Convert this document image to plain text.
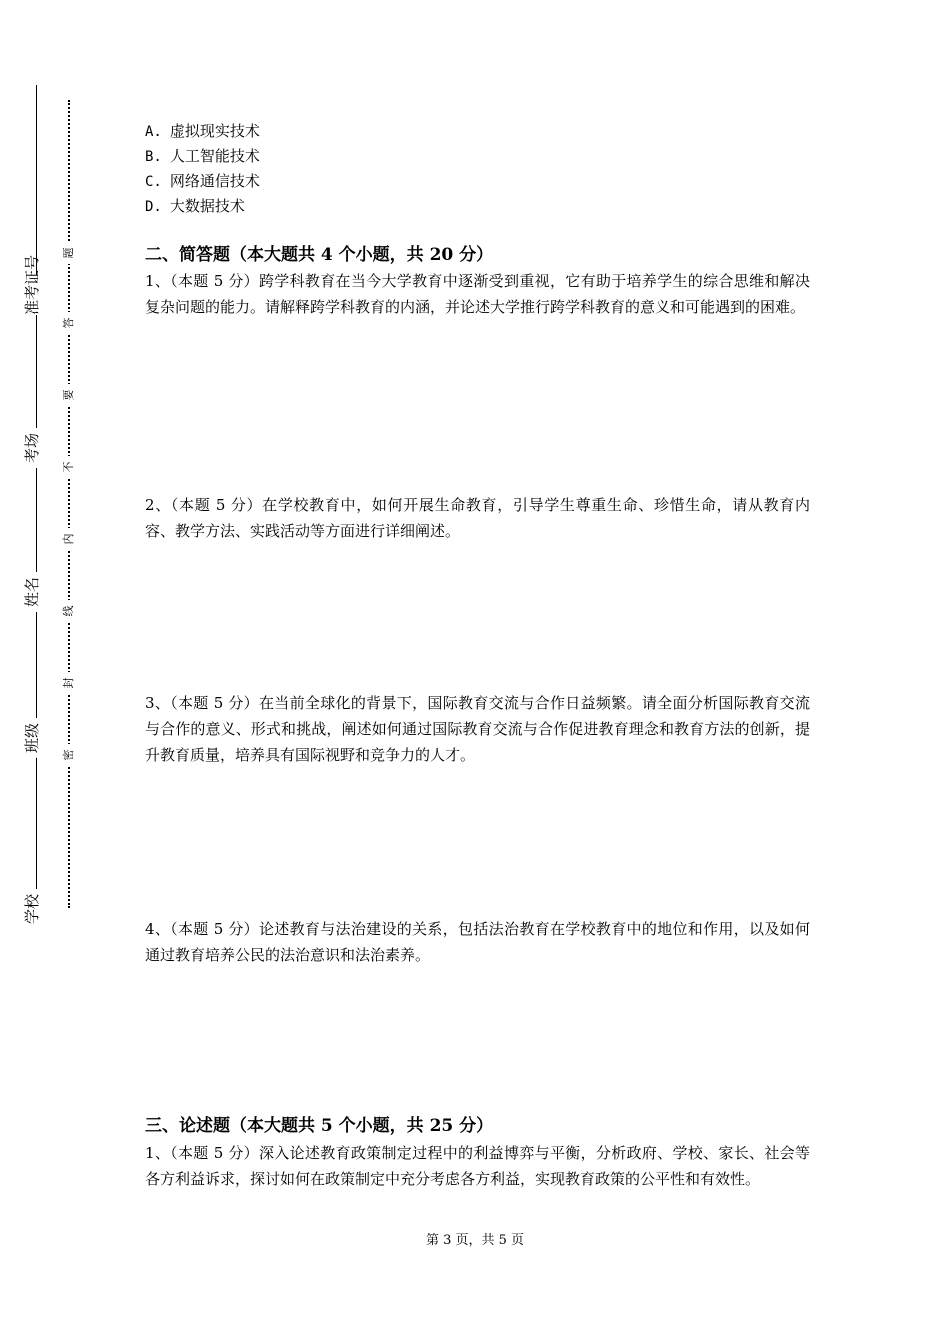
准考证号
考场
姓名
班级
学校
题
答
要
不
内
线
封
密
A. 虚拟现实技术
B. 人工智能技术
C. 网络通信技术
D. 大数据技术
二、简答题（本大题共 4 个小题，共 20 分）
1、（本题 5 分）跨学科教育在当今大学教育中逐渐受到重视，它有助于培养学生的综合思维和解决复杂问题的能力。请解释跨学科教育的内涵，并论述大学推行跨学科教育的意义和可能遇到的困难。
2、（本题 5 分）在学校教育中，如何开展生命教育，引导学生尊重生命、珍惜生命，请从教育内容、教学方法、实践活动等方面进行详细阐述。
3、（本题 5 分）在当前全球化的背景下，国际教育交流与合作日益频繁。请全面分析国际教育交流与合作的意义、形式和挑战，阐述如何通过国际教育交流与合作促进教育理念和教育方法的创新，提升教育质量，培养具有国际视野和竞争力的人才。
4、（本题 5 分）论述教育与法治建设的关系，包括法治教育在学校教育中的地位和作用，以及如何通过教育培养公民的法治意识和法治素养。
三、论述题（本大题共 5 个小题，共 25 分）
1、（本题 5 分）深入论述教育政策制定过程中的利益博弈与平衡，分析政府、学校、家长、社会等各方利益诉求，探讨如何在政策制定中充分考虑各方利益，实现教育政策的公平性和有效性。
第 3 页，共 5 页
